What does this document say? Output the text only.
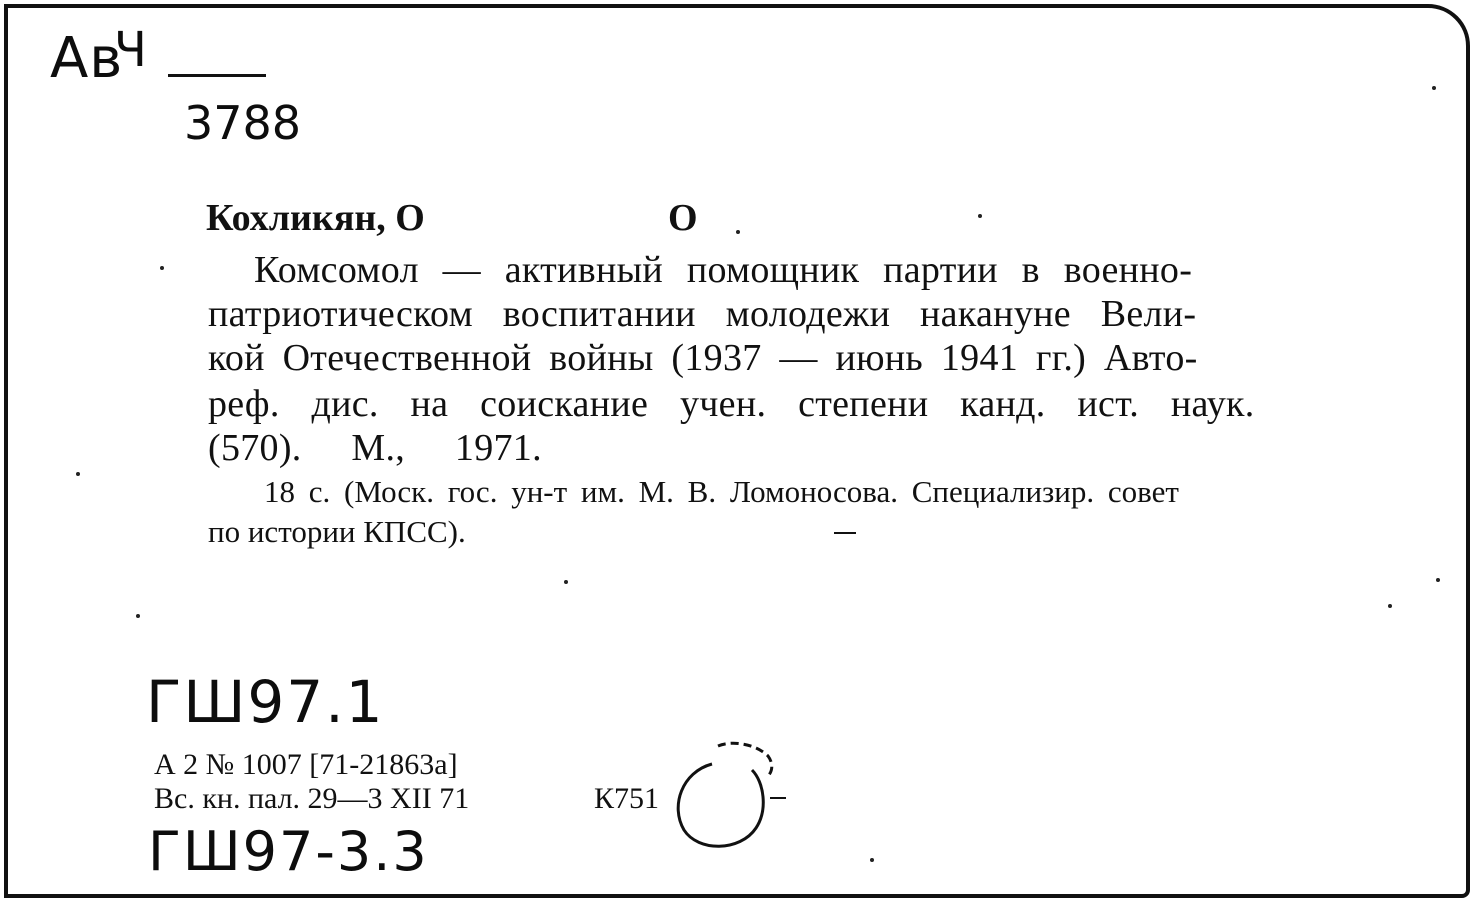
Ав
Ч
3788
Кохликян, О	О
Комсомол — активный помощник партии в военно-
патриотическом воспитании молодежи накануне Вели-
кой Отечественной войны (1937 — июнь 1941 гг.) Авто-
реф. дис. на соискание учен. степени канд. ист. наук.
(570). М., 1971.
18 с. (Моск. гос. ун-т им. М. В. Ломоносова. Специализир. совет
по истории КПСС).
ГШ97.1
А 2 № 1007 [71-21863а]
Вс. кн. пал. 29—3 XII 71	К751
ГШ97-3.3
